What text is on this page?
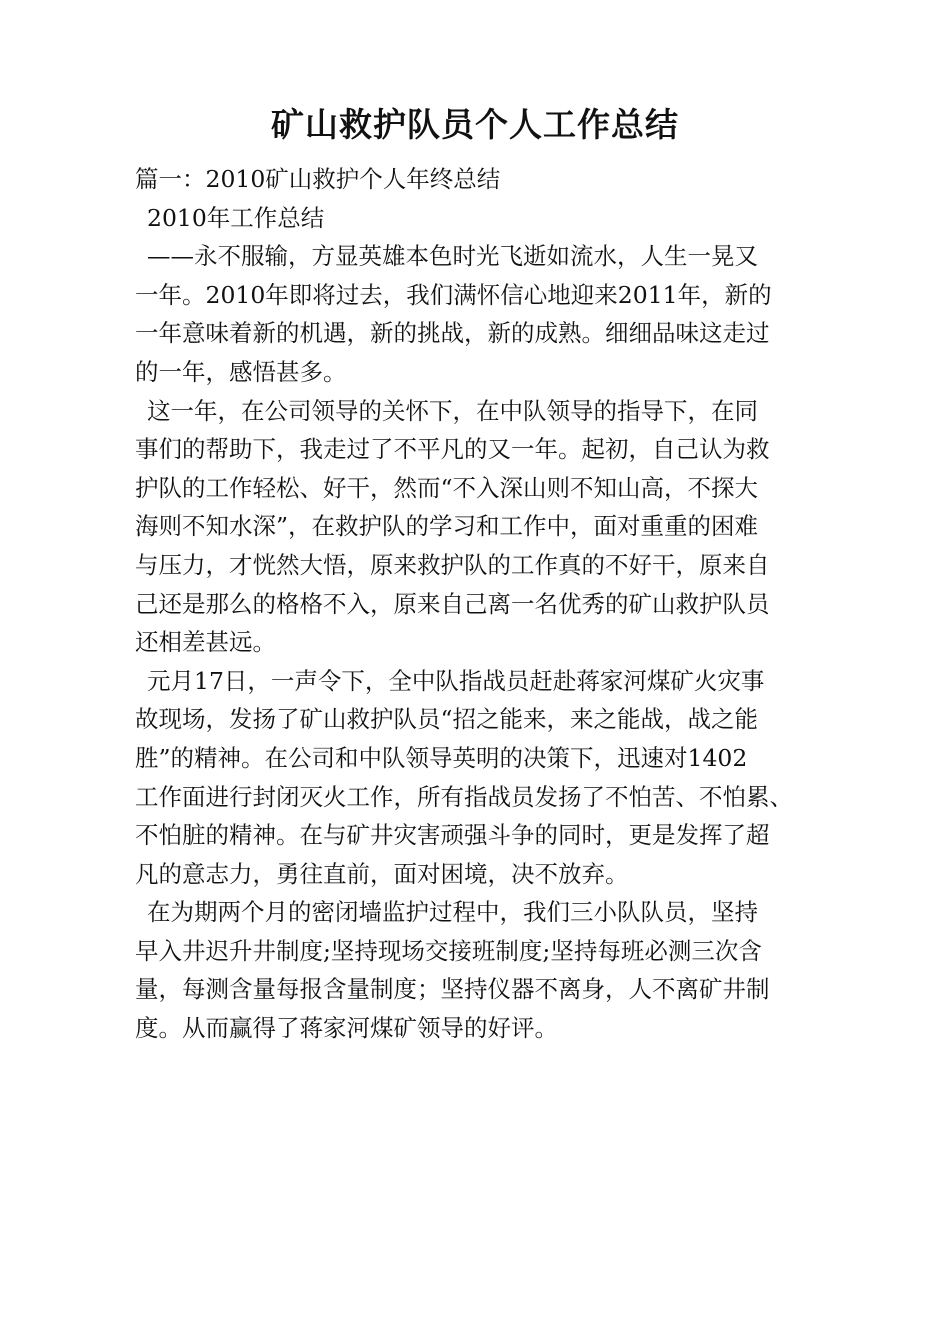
矿山救护队员个人工作总结
篇一：2010矿山救护个人年终总结
2010年工作总结
——永不服输，方显英雄本色时光飞逝如流水，人生一晃又
一年。2010年即将过去，我们满怀信心地迎来2011年，新的
一年意味着新的机遇，新的挑战，新的成熟。细细品味这走过
的一年，感悟甚多。
这一年，在公司领导的关怀下，在中队领导的指导下，在同
事们的帮助下，我走过了不平凡的又一年。起初，自己认为救
护队的工作轻松、好干，然而“不入深山则不知山高，不探大
海则不知水深”，在救护队的学习和工作中，面对重重的困难
与压力，才恍然大悟，原来救护队的工作真的不好干，原来自
己还是那么的格格不入，原来自己离一名优秀的矿山救护队员
还相差甚远。
元月17日，一声令下，全中队指战员赶赴蒋家河煤矿火灾事
故现场，发扬了矿山救护队员“招之能来，来之能战，战之能
胜”的精神。在公司和中队领导英明的决策下，迅速对1402
工作面进行封闭灭火工作，所有指战员发扬了不怕苦、不怕累、
不怕脏的精神。在与矿井灾害顽强斗争的同时，更是发挥了超
凡的意志力，勇往直前，面对困境，决不放弃。
在为期两个月的密闭墙监护过程中，我们三小队队员，坚持
早入井迟升井制度;坚持现场交接班制度;坚持每班必测三次含
量，每测含量每报含量制度；坚持仪器不离身，人不离矿井制
度。从而赢得了蒋家河煤矿领导的好评。
